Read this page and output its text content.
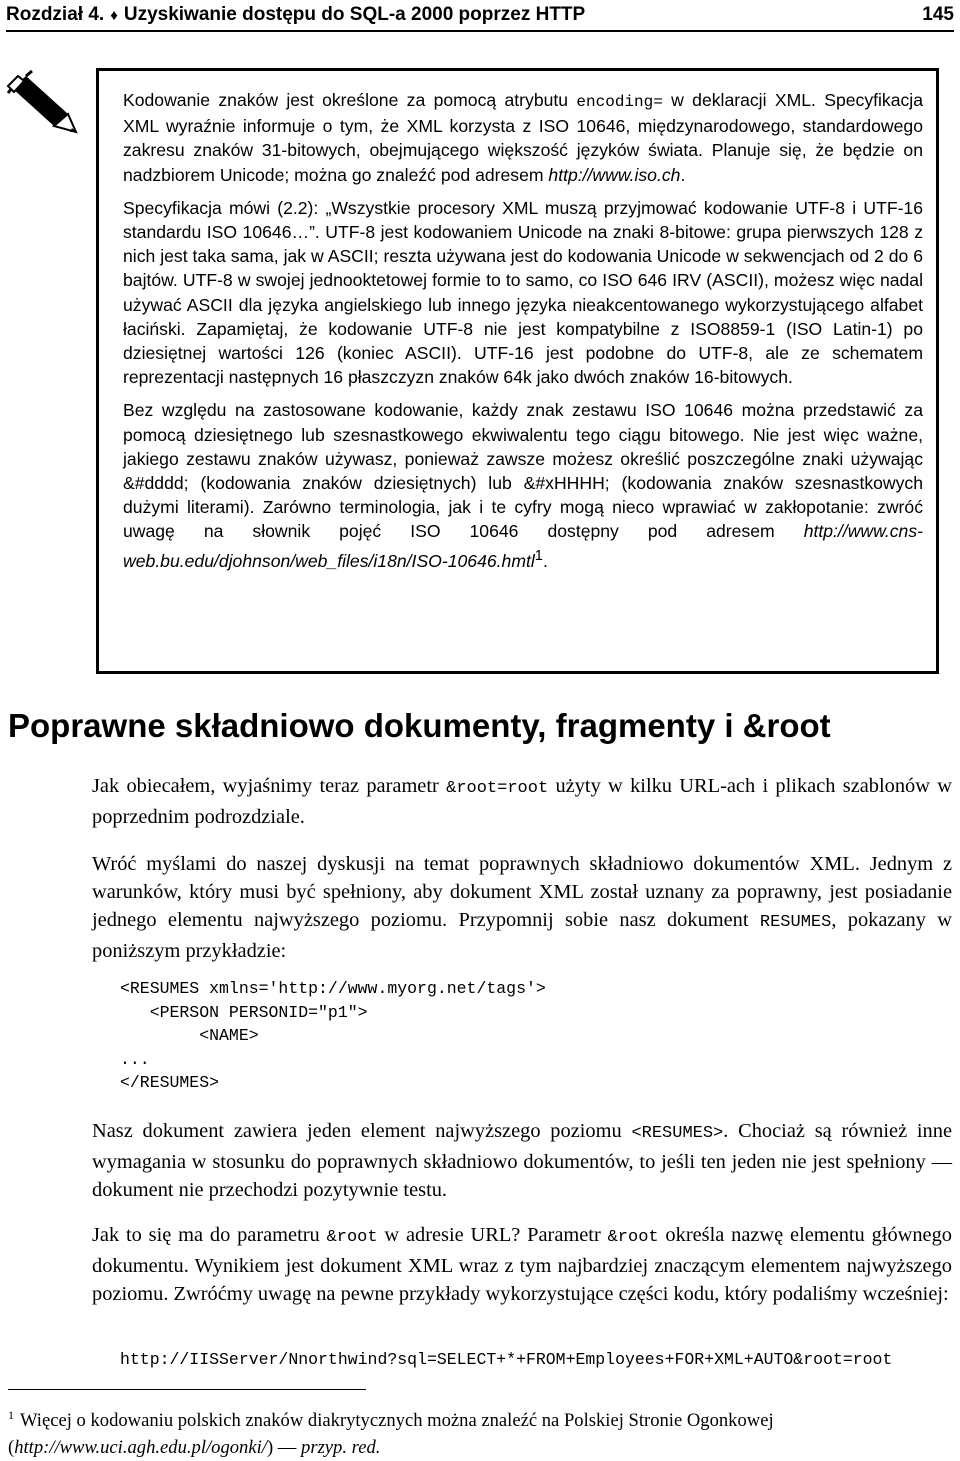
Rozdział 4. ♦ Uzyskiwanie dostępu do SQL-a 2000 poprzez HTTP	145

Kodowanie znaków jest określone za pomocą atrybutu encoding= w deklaracji XML. Specyfikacja XML wyraźnie informuje o tym, że XML korzysta z ISO 10646, międzynarodowego, standardowego zakresu znaków 31-bitowych, obejmującego większość języków świata. Planuje się, że będzie on nadzbiorem Unicode; można go znaleźć pod adresem http://www.iso.ch.

Specyfikacja mówi (2.2): „Wszystkie procesory XML muszą przyjmować kodowanie UTF-8 i UTF-16 standardu ISO 10646…”. UTF-8 jest kodowaniem Unicode na znaki 8-bitowe: grupa pierwszych 128 z nich jest taka sama, jak w ASCII; reszta używana jest do kodowania Unicode w sekwencjach od 2 do 6 bajtów. UTF-8 w swojej jednooktetowej formie to to samo, co ISO 646 IRV (ASCII), możesz więc nadal używać ASCII dla języka angielskiego lub innego języka nieakcentowanego wykorzystującego alfabet łaciński. Zapamiętaj, że kodowanie UTF-8 nie jest kompatybilne z ISO8859-1 (ISO Latin-1) po dziesiętnej wartości 126 (koniec ASCII). UTF-16 jest podobne do UTF-8, ale ze schematem reprezentacji następnych 16 płaszczyzn znaków 64k jako dwóch znaków 16-bitowych.

Bez względu na zastosowane kodowanie, każdy znak zestawu ISO 10646 można przedstawić za pomocą dziesiętnego lub szesnastkowego ekwiwalentu tego ciągu bitowego. Nie jest więc ważne, jakiego zestawu znaków używasz, ponieważ zawsze możesz określić poszczególne znaki używając &#dddd; (kodowania znaków dziesiętnych) lub &#xHHHH; (kodowania znaków szesnastkowych dużymi literami). Zarówno terminologia, jak i te cyfry mogą nieco wprawiać w zakłopotanie: zwróć uwagę na słownik pojęć ISO 10646 dostępny pod adresem http://www.cns-web.bu.edu/djohnson/web_files/i18n/ISO-10646.hmtl$^1$.

Poprawne składniowo dokumenty, fragmenty i &root

Jak obiecałem, wyjaśnimy teraz parametr &root=root użyty w kilku URL-ach i plikach szablonów w poprzednim podrozdziale.

Wróć myślami do naszej dyskusji na temat poprawnych składniowo dokumentów XML. Jednym z warunków, który musi być spełniony, aby dokument XML został uznany za poprawny, jest posiadanie jednego elementu najwyższego poziomu. Przypomnij sobie nasz dokument RESUMES, pokazany w poniższym przykładzie:

<RESUMES xmlns='http://www.myorg.net/tags'>
<PERSON PERSONID="p1">
<NAME>
...
</RESUMES>

Nasz dokument zawiera jeden element najwyższego poziomu <RESUMES>. Chociaż są również inne wymagania w stosunku do poprawnych składniowo dokumentów, to jeśli ten jeden nie jest spełniony — dokument nie przechodzi pozytywnie testu.

Jak to się ma do parametru &root w adresie URL? Parametr &root określa nazwę elementu głównego dokumentu. Wynikiem jest dokument XML wraz z tym najbardziej znaczącym elementem najwyższego poziomu. Zwróćmy uwagę na pewne przykłady wykorzystujące części kodu, który podaliśmy wcześniej:

http://IISServer/Nnorthwind?sql=SELECT+*+FROM+Employees+FOR+XML+AUTO&root=root

$^1$ Więcej o kodowaniu polskich znaków diakrytycznych można znaleźć na Polskiej Stronie Ogonkowej (http://www.uci.agh.edu.pl/ogonki/) — przyp. red.
